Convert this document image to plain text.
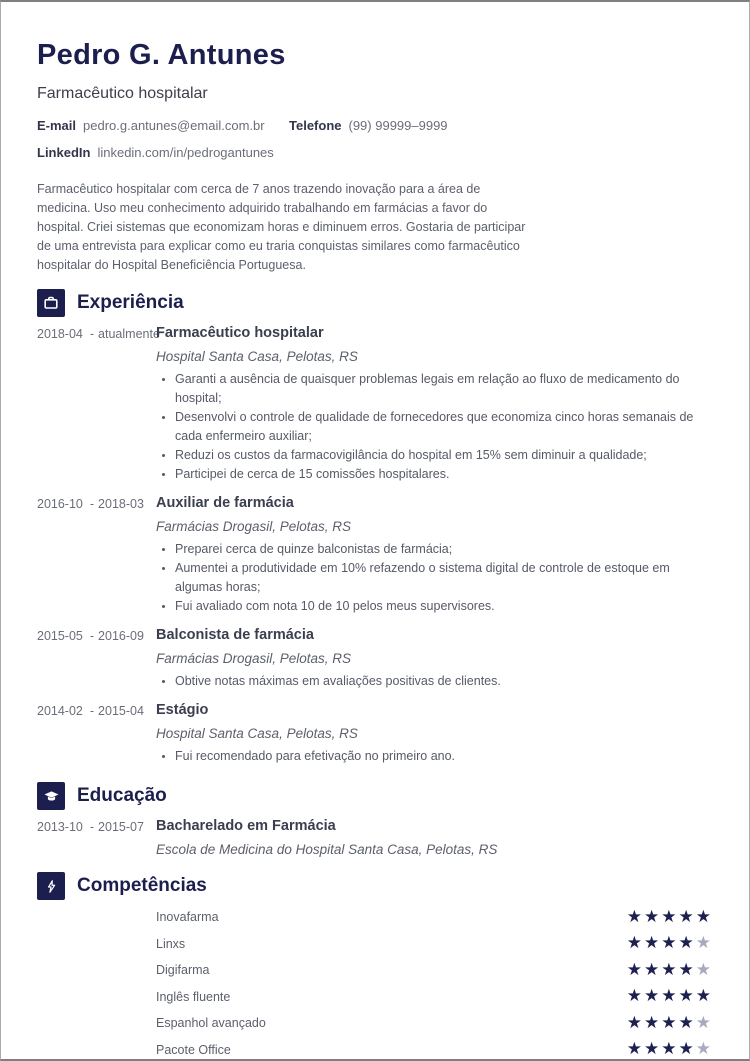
Pedro G. Antunes
Farmacêutico hospitalar
E-mail pedro.g.antunes@email.com.br Telefone (99) 99999–9999
LinkedIn linkedin.com/in/pedrogantunes
Farmacêutico hospitalar com cerca de 7 anos trazendo inovação para a área de medicina. Uso meu conhecimento adquirido trabalhando em farmácias a favor do hospital. Criei sistemas que economizam horas e diminuem erros. Gostaria de participar de uma entrevista para explicar como eu traria conquistas similares como farmacêutico hospitalar do Hospital Beneficiência Portuguesa.
Experiência
2018-04 - atualmente
Farmacêutico hospitalar
Hospital Santa Casa, Pelotas, RS
• Garanti a ausência de quaisquer problemas legais em relação ao fluxo de medicamento do hospital;
• Desenvolvi o controle de qualidade de fornecedores que economiza cinco horas semanais de cada enfermeiro auxiliar;
• Reduzi os custos da farmacovigilância do hospital em 15% sem diminuir a qualidade;
• Participei de cerca de 15 comissões hospitalares.
2016-10 - 2018-03 Auxiliar de farmácia
Farmácias Drogasil, Pelotas, RS
• Preparei cerca de quinze balconistas de farmácia;
• Aumentei a produtividade em 10% refazendo o sistema digital de controle de estoque em algumas horas;
• Fui avaliado com nota 10 de 10 pelos meus supervisores.
2015-05 - 2016-09 Balconista de farmácia
Farmácias Drogasil, Pelotas, RS
• Obtive notas máximas em avaliações positivas de clientes.
2014-02 - 2015-04 Estágio
Hospital Santa Casa, Pelotas, RS
• Fui recomendado para efetivação no primeiro ano.
Educação
2013-10 - 2015-07 Bacharelado em Farmácia
Escola de Medicina do Hospital Santa Casa, Pelotas, RS
Competências
Inovafarma	★★★★★
Linxs	★★★★★
Digifarma	★★★★★
Inglês fluente	★★★★★
Espanhol avançado	★★★★★
Pacote Office	★★★★★
